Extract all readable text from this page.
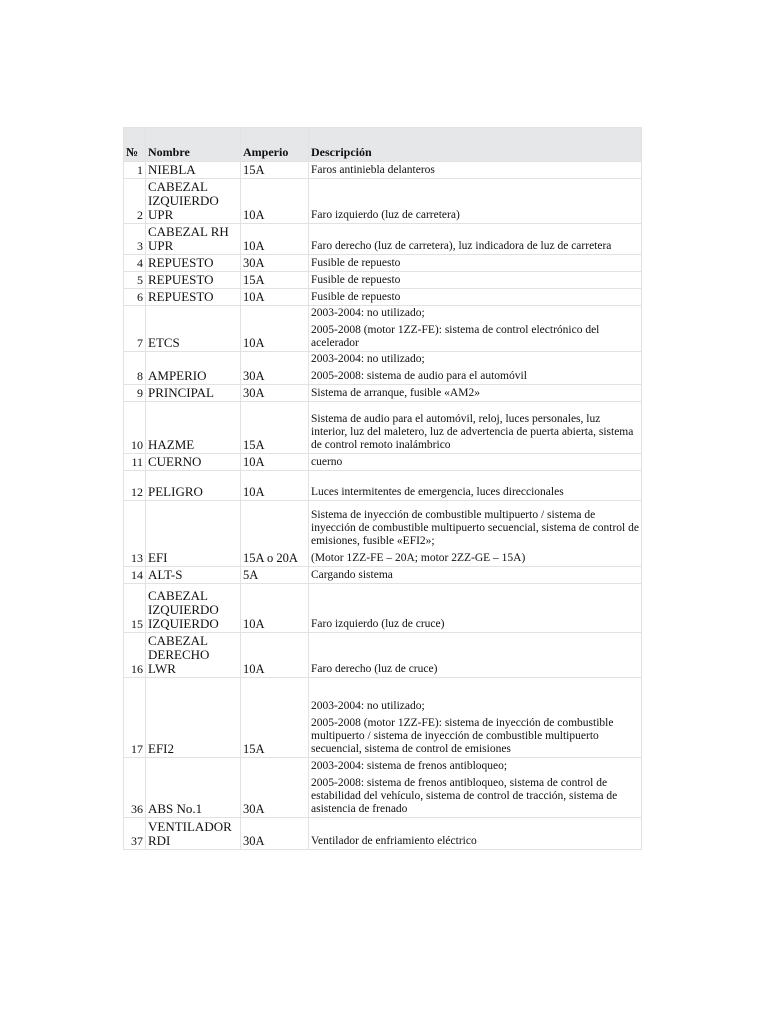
№	Nombre	Amperio	Descripción
1	NIEBLA	15A	Faros antiniebla delanteros

2	CABEZAL IZQUIERDO UPR	10A	Faro izquierdo (luz de carretera)

3	CABEZAL RH UPR	10A	Faro derecho (luz de carretera), luz indicadora de luz de carretera

4	REPUESTO	30A	Fusible de repuesto

5	REPUESTO	15A	Fusible de repuesto

6	REPUESTO	10A	Fusible de repuesto

7	ETCS	10A	2003-2004: no utilizado;

2005-2008 (motor 1ZZ-FE): sistema de control electrónico del acelerador

8	AMPERIO	30A	2003-2004: no utilizado;

2005-2008: sistema de audio para el automóvil

9	PRINCIPAL	30A	Sistema de arranque, fusible «AM2»

10	HAZME	15A	Sistema de audio para el automóvil, reloj, luces personales, luz interior, luz del maletero, luz de advertencia de puerta abierta, sistema de control remoto inalámbrico

11	CUERNO	10A	cuerno

12	PELIGRO	10A	Luces intermitentes de emergencia, luces direccionales

13	EFI	15A o 20A	Sistema de inyección de combustible multipuerto / sistema de inyección de combustible multipuerto secuencial, sistema de control de emisiones, fusible «EFI2»;

(Motor 1ZZ-FE – 20A; motor 2ZZ-GE – 15A)

14	ALT-S	5A	Cargando sistema

15	CABEZAL IZQUIERDO IZQUIERDO	10A	Faro izquierdo (luz de cruce)

16	CABEZAL DERECHO LWR	10A	Faro derecho (luz de cruce)

17	EFI2	15A	2003-2004: no utilizado;

2005-2008 (motor 1ZZ-FE): sistema de inyección de combustible multipuerto / sistema de inyección de combustible multipuerto secuencial, sistema de control de emisiones

36	ABS No.1	30A	2003-2004: sistema de frenos antibloqueo;

2005-2008: sistema de frenos antibloqueo, sistema de control de estabilidad del vehículo, sistema de control de tracción, sistema de asistencia de frenado

37	VENTILADOR RDI	30A	Ventilador de enfriamiento eléctrico
